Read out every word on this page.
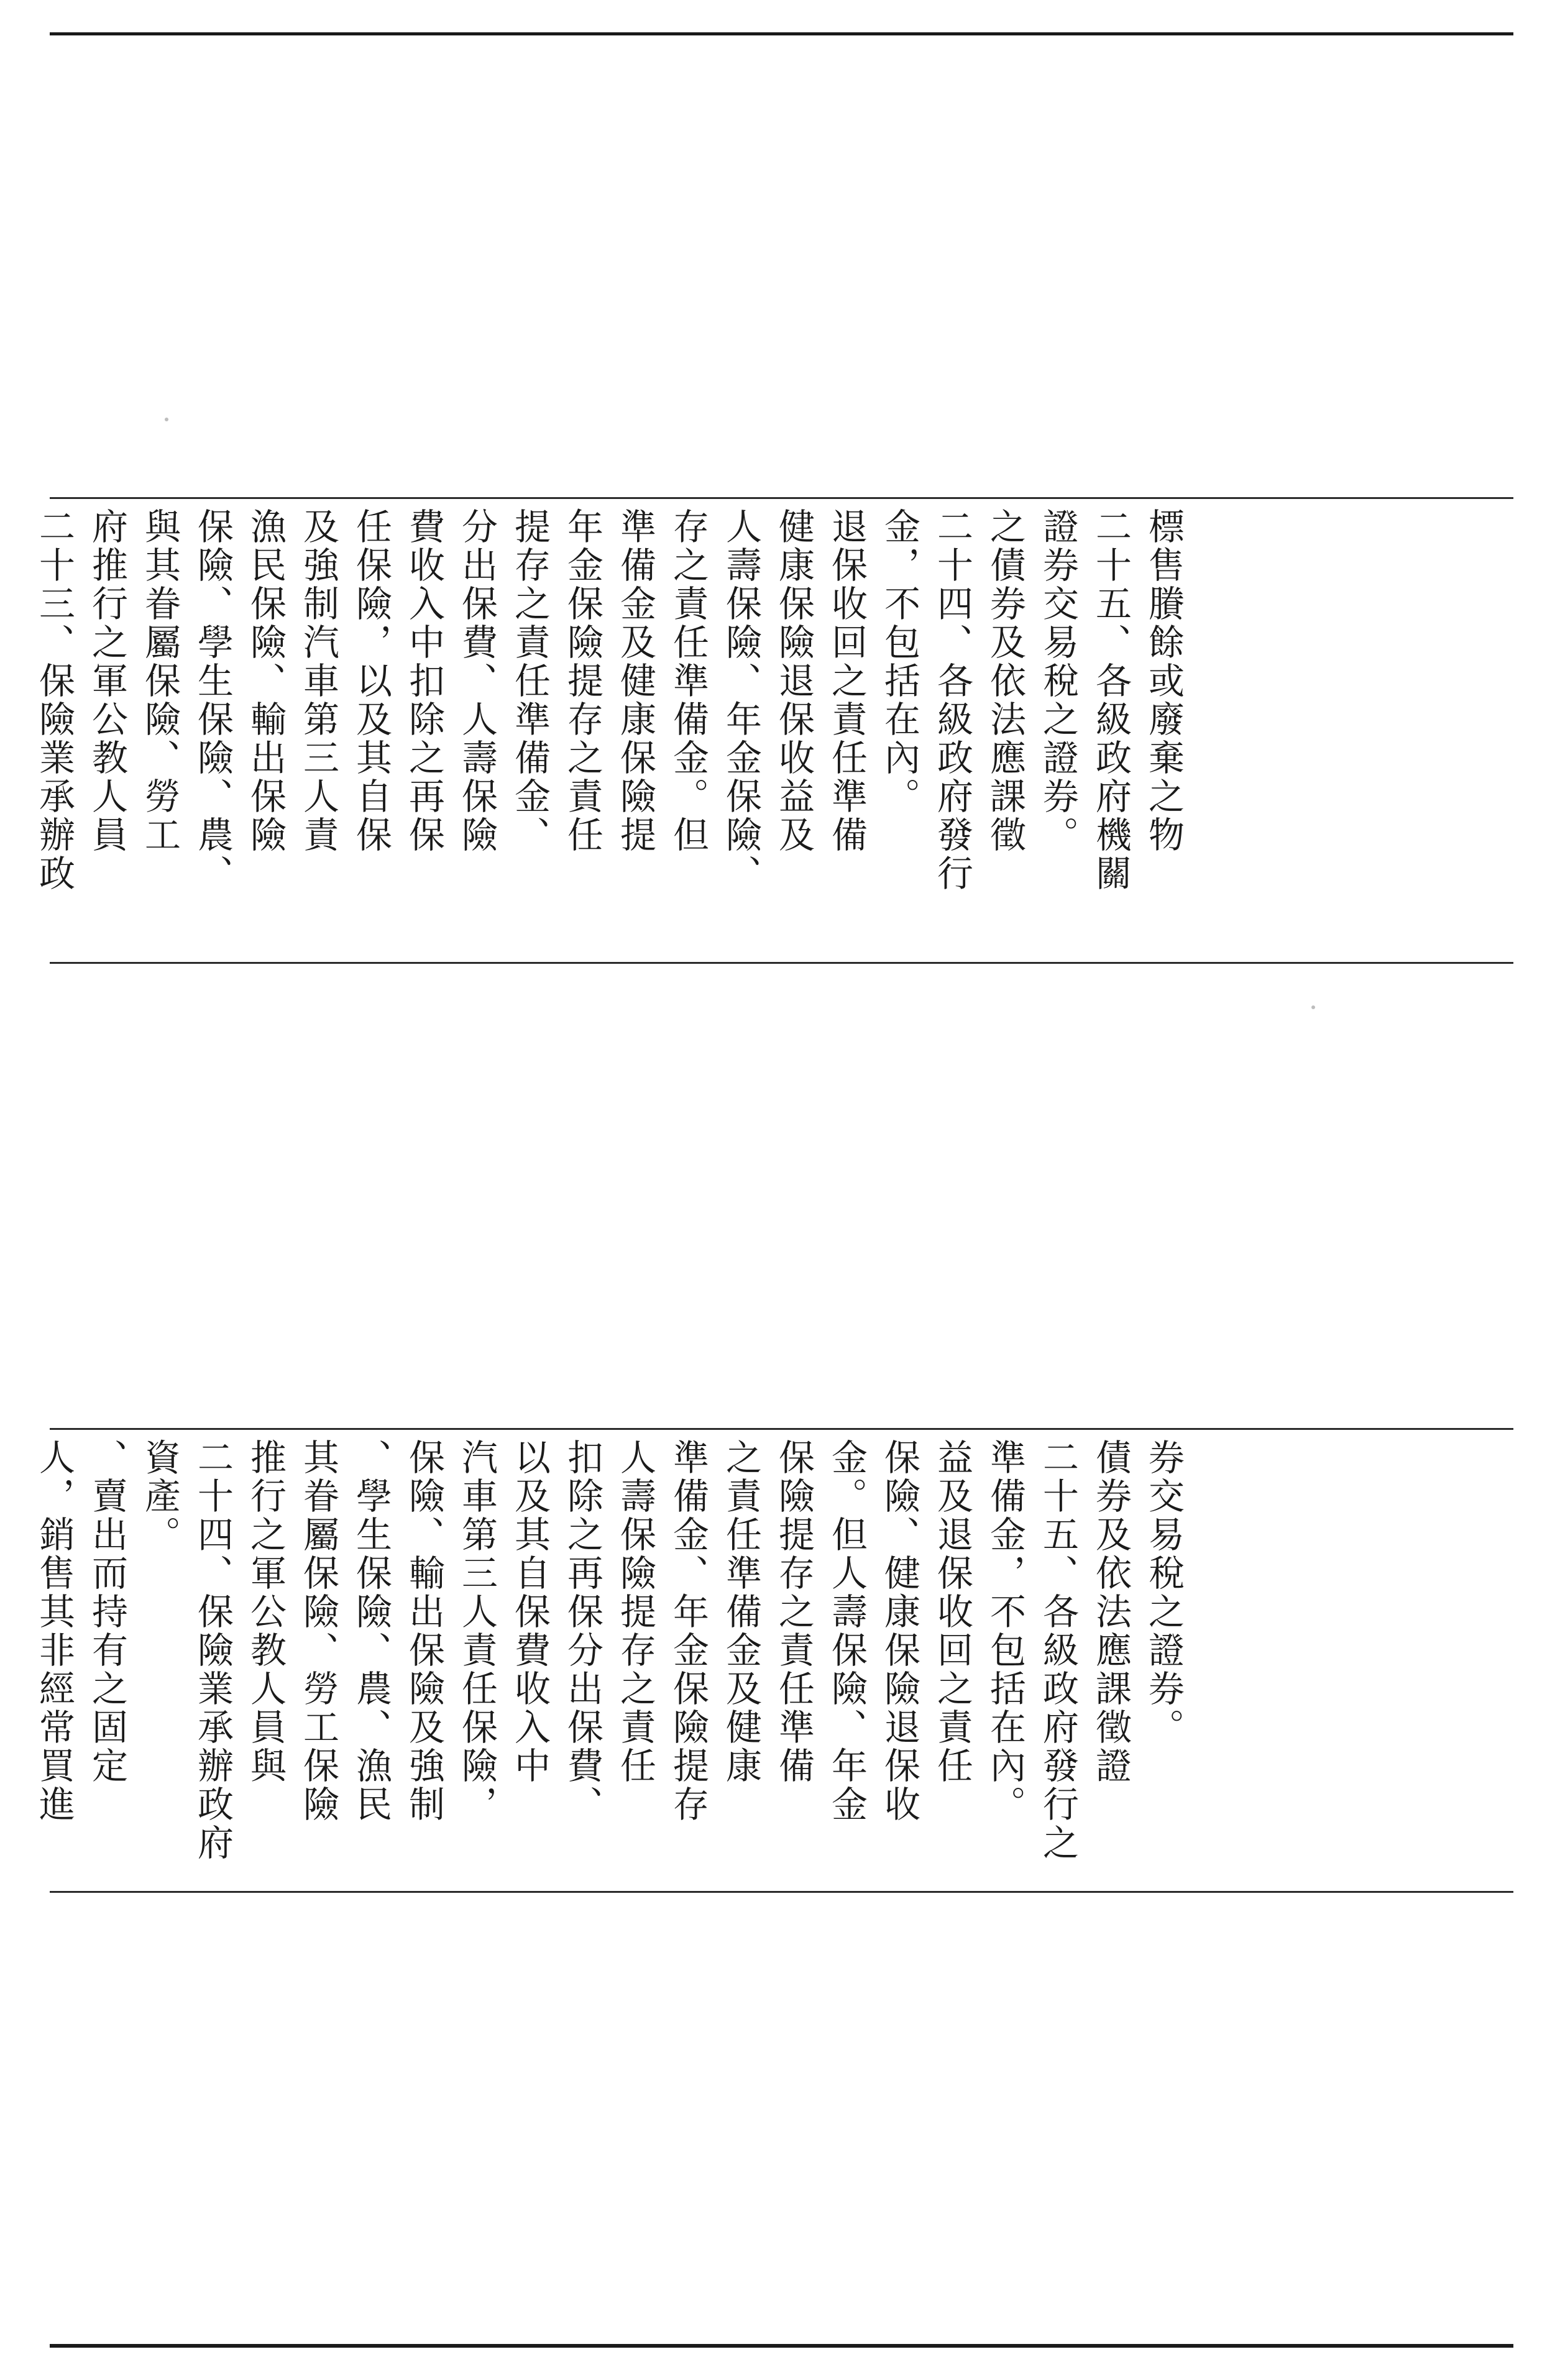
二十三、保險業承辦政 府推行之軍公教人員 與其眷屬保險、勞工 保險、學生保險、農、 漁民保險、輸出保險 及強制汽車第三人責 任保險，以及其自保 費收入中扣除之再保 分出保費、人壽保險 提存之責任準備金、 年金保險提存之責任 準備金及健康保險提 存之責任準備金。但 人壽保險、年金保險、 健康保險退保收益及 退保收回之責任準備 金，不包括在內。 二十四、各級政府發行 之債券及依法應課徵 證券交易稅之證券。 二十五、各級政府機關 標售賸餘或廢棄之物
人，銷售其非經常買進 、賣出而持有之固定 資產。 二十四、保險業承辦政府 推行之軍公教人員與 其眷屬保險、勞工保險 、學生保險、農、漁民 保險、輸出保險及強制 汽車第三人責任保險， 以及其自保費收入中 扣除之再保分出保費、 人壽保險提存之責任 準備金、年金保險提存 之責任準備金及健康 保險提存之責任準備 金。但人壽保險、年金 保險、健康保險退保收 益及退保收回之責任 準備金，不包括在內。 二十五、各級政府發行之 債券及依法應課徵證 券交易稅之證券。
